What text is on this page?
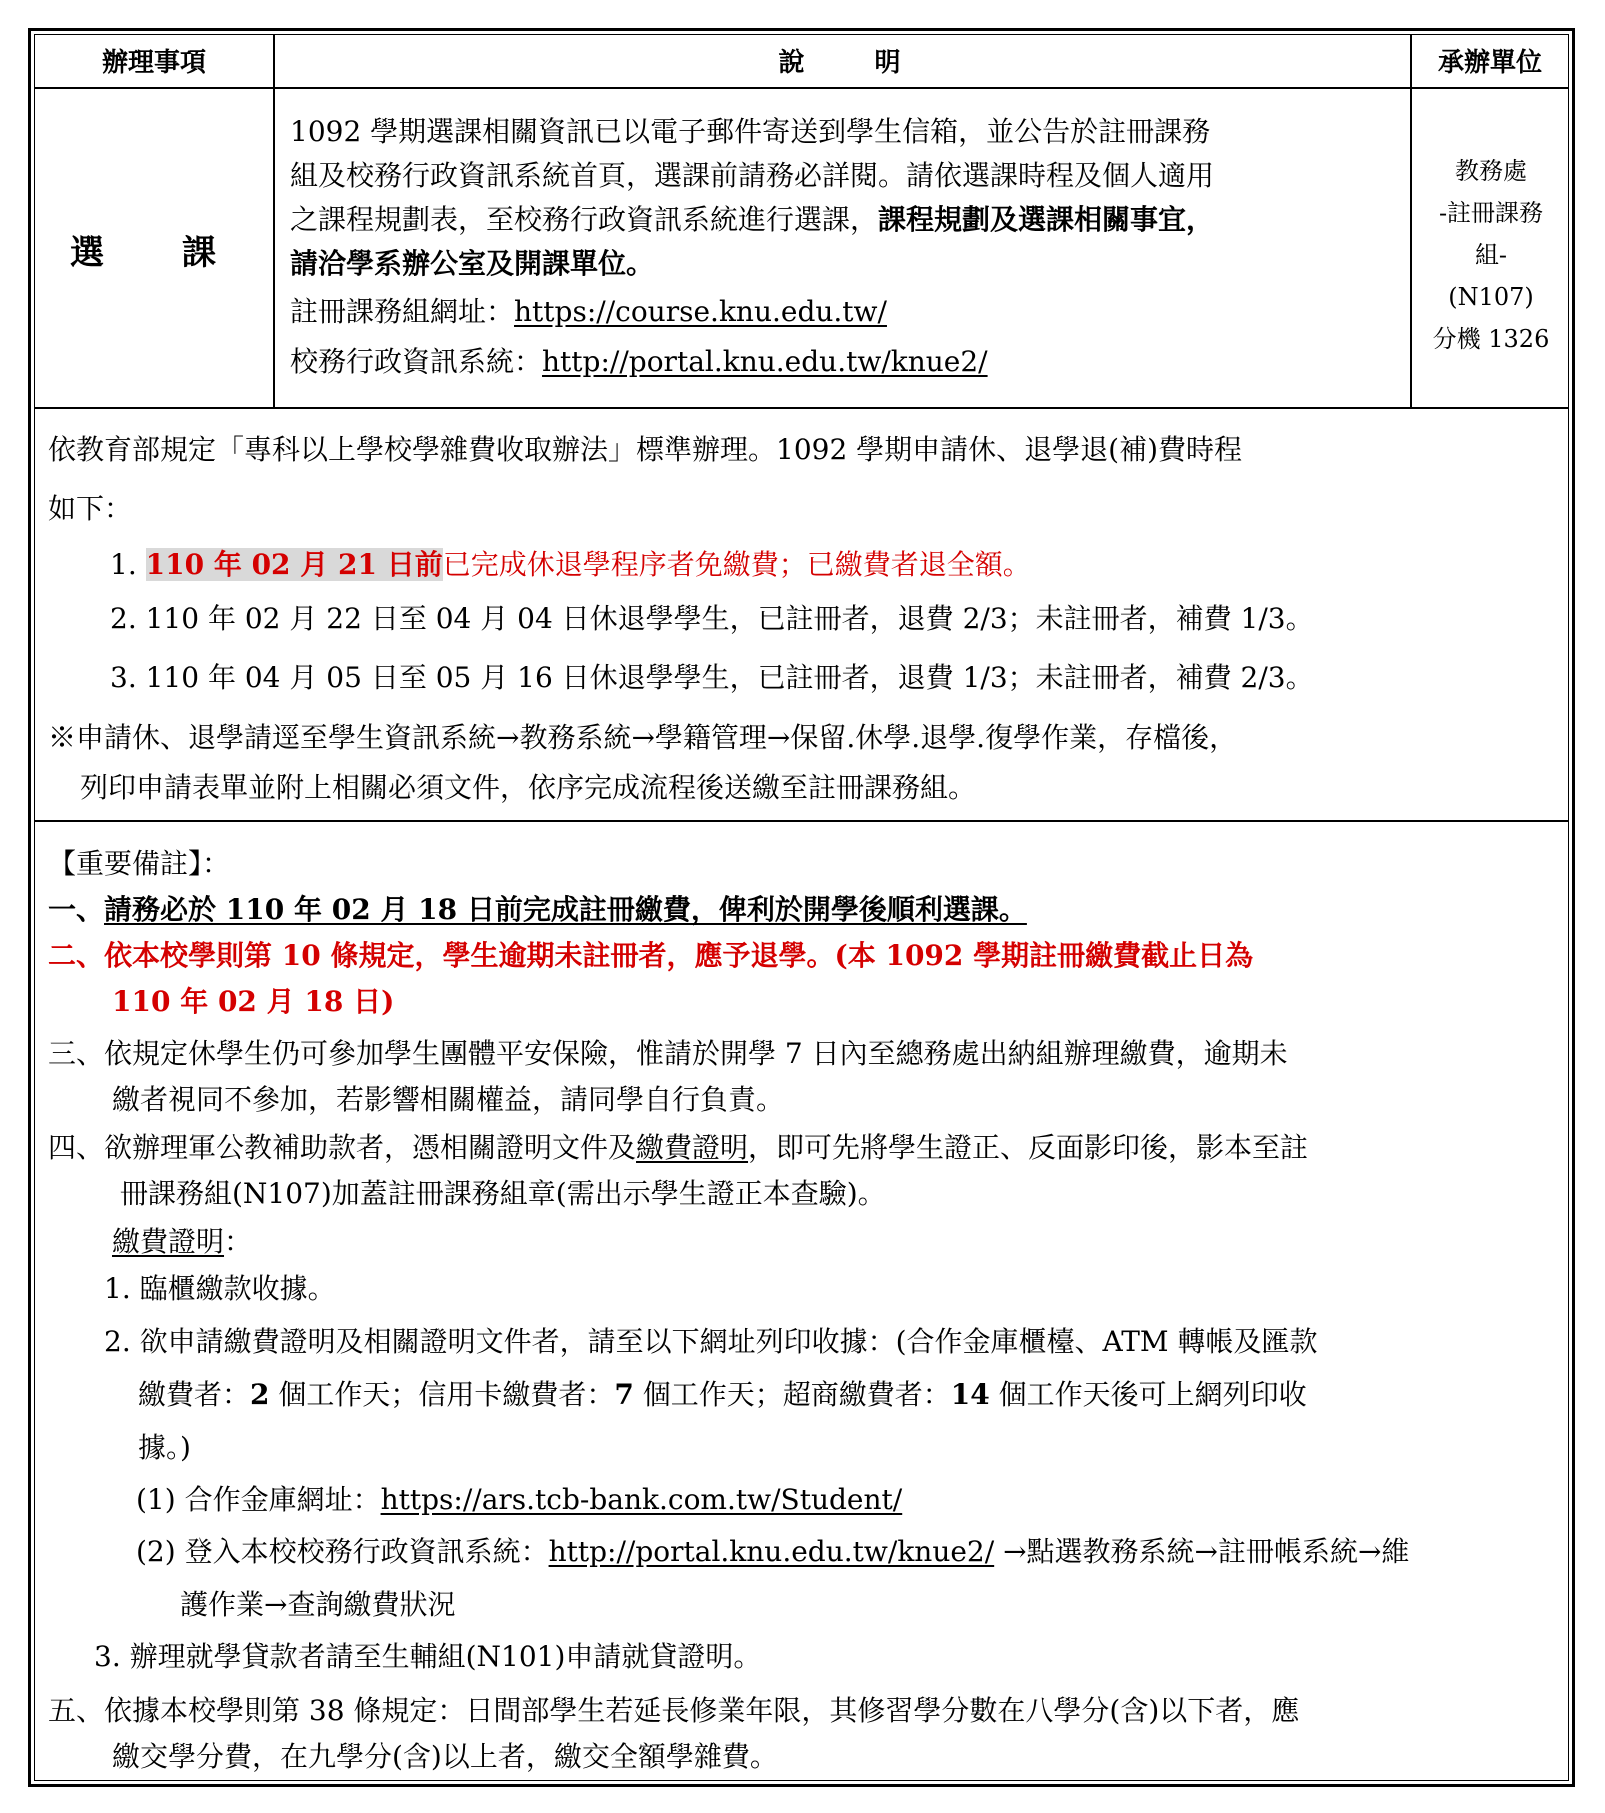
辦理事項	說　　明	承辦單位
選　課
1092 學期選課相關資訊已以電子郵件寄送到學生信箱，並公告於註冊課務
組及校務行政資訊系統首頁，選課前請務必詳閱。請依選課時程及個人適用
之課程規劃表，至校務行政資訊系統進行選課，課程規劃及選課相關事宜，
請洽學系辦公室及開課單位。
註冊課務組網址：https://course.knu.edu.tw/
校務行政資訊系統：http://portal.knu.edu.tw/knue2/
教務處
-註冊課務
組-
(N107)
分機 1326
依教育部規定「專科以上學校學雜費收取辦法」標準辦理。1092 學期申請休、退學退(補)費時程
如下：
1. 110 年 02 月 21 日前已完成休退學程序者免繳費；已繳費者退全額。
2. 110 年 02 月 22 日至 04 月 04 日休退學學生，已註冊者，退費 2/3；未註冊者，補費 1/3。
3. 110 年 04 月 05 日至 05 月 16 日休退學學生，已註冊者，退費 1/3；未註冊者，補費 2/3。
※申請休、退學請逕至學生資訊系統→教務系統→學籍管理→保留.休學.退學.復學作業，存檔後，
列印申請表單並附上相關必須文件，依序完成流程後送繳至註冊課務組。
【重要備註】：
一、請務必於 110 年 02 月 18 日前完成註冊繳費，俾利於開學後順利選課。
二、依本校學則第 10 條規定，學生逾期未註冊者，應予退學。(本 1092 學期註冊繳費截止日為
110 年 02 月 18 日)
三、依規定休學生仍可參加學生團體平安保險，惟請於開學 7 日內至總務處出納組辦理繳費，逾期未
繳者視同不參加，若影響相關權益，請同學自行負責。
四、欲辦理軍公教補助款者，憑相關證明文件及繳費證明，即可先將學生證正、反面影印後，影本至註
冊課務組(N107)加蓋註冊課務組章(需出示學生證正本查驗)。
繳費證明：
1. 臨櫃繳款收據。
2. 欲申請繳費證明及相關證明文件者，請至以下網址列印收據：(合作金庫櫃檯、ATM 轉帳及匯款
繳費者：2 個工作天；信用卡繳費者：7 個工作天；超商繳費者：14 個工作天後可上網列印收
據。)
(1) 合作金庫網址：https://ars.tcb-bank.com.tw/Student/
(2) 登入本校校務行政資訊系統：http://portal.knu.edu.tw/knue2/ →點選教務系統→註冊帳系統→維
護作業→查詢繳費狀況
3. 辦理就學貸款者請至生輔組(N101)申請就貸證明。
五、依據本校學則第 38 條規定：日間部學生若延長修業年限，其修習學分數在八學分(含)以下者，應
繳交學分費，在九學分(含)以上者，繳交全額學雜費。
